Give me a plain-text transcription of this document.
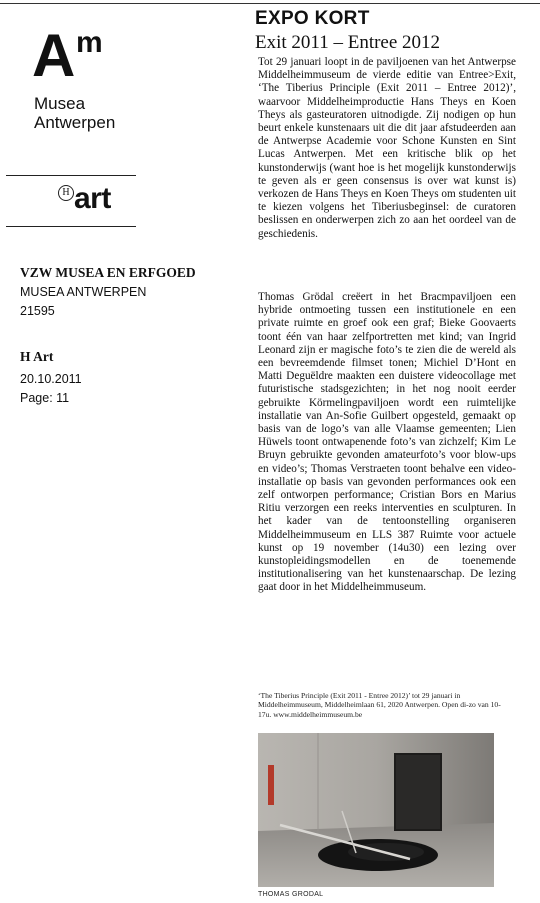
A m
Musea
Antwerpen
H art
VZW MUSEA EN ERFGOED
MUSEA ANTWERPEN
21595
H Art
20.10.2011
Page: 11
EXPO KORT
Exit 2011 – Entree 2012
Tot 29 januari loopt in de paviljoenen van het Antwerpse Middelheimmuseum de vierde editie van Entree>Exit, ‘The Tiberius Principle (Exit 2011 – Entree 2012)’, waarvoor Middelheimproductie Hans Theys en Koen Theys als gasteuratoren uitnodigde. Zij nodigen op hun beurt enkele kunstenaars uit die dit jaar afstudeerden aan de Antwerpse Academie voor Schone Kunsten en Sint Lucas Antwerpen. Met een kritische blik op het kunstonderwijs (want hoe is het mogelijk kunstonderwijs te geven als er geen consensus is over wat kunst is) verkozen de Hans Theys en Koen Theys om studenten uit te kiezen volgens het Tiberiusbeginsel: de curatoren beslissen en onderwerpen zich zo aan het oordeel van de geschiedenis.
Thomas Grödal creëert in het Bracmpaviljoen een hybride ontmoeting tussen een institutionele en een private ruimte en groef ook een graf; Bieke Goovaerts toont één van haar zelfportretten met kind; van Ingrid Leonard zijn er magische foto’s te zien die de wereld als een bevreemdende filmset tonen; Michiel D’Hont en Matti Deguëldre maakten een duistere videocollage met futuristische stadsgezichten; in het nog nooit eerder gebruikte Körmelingpaviljoen wordt een ruimtelijke installatie van An-Sofie Guilbert opgesteld, gemaakt op basis van de logo’s van alle Vlaamse gemeenten; Lien Hüwels toont ontwapenende foto’s van zichzelf; Kim Le Bruyn gebruikte gevonden amateurfoto’s voor blow-ups en video’s; Thomas Verstraeten toont behalve een video-installatie op basis van gevonden performances ook een zelf ontworpen performance; Cristian Bors en Marius Ritiu verzorgen een reeks interventies en sculpturen. In het kader van de tentoonstelling organiseren Middelheimmuseum en LLS 387 Ruimte voor actuele kunst op 19 november (14u30) een lezing over kunstopleidingsmodellen en de toenemende institutionalisering van het kunstenaarschap. De lezing gaat door in het Middelheimmuseum.
‘The Tiberius Principle (Exit 2011 - Entree 2012)’ tot 29 januari in Middelheimmuseum, Middelheimlaan 61, 2020 Antwerpen. Open di-zo van 10-17u. www.middelheimmuseum.be
THOMAS GRODAL
